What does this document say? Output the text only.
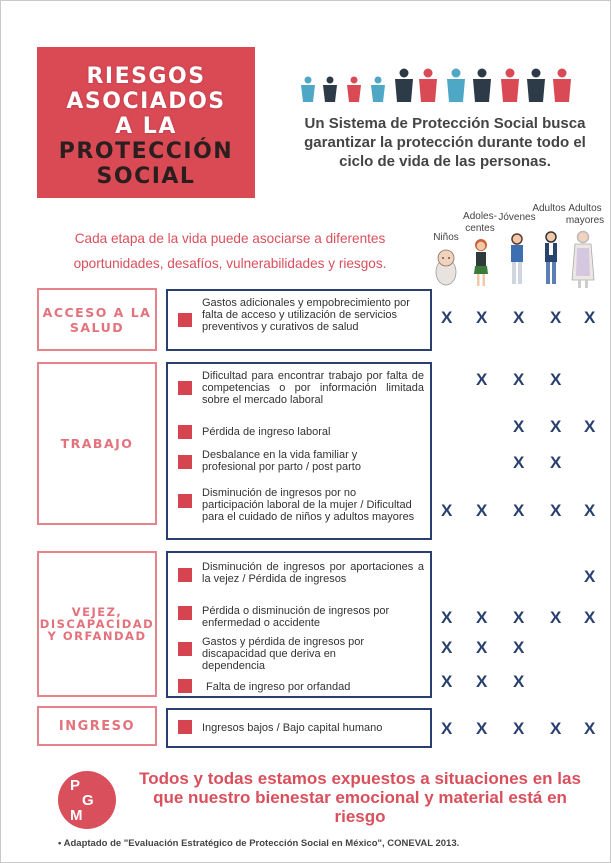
RIESGOS
ASOCIADOS
A LA
PROTECCIÓN
SOCIAL
Un Sistema de Protección Social busca garantizar la protección durante todo el ciclo de vida de las personas.
Cada etapa de la vida puede asociarse a diferentes oportunidades, desafíos, vulnerabilidades y riesgos.
Niños
Adoles-
centes
Jóvenes
Adultos Adultos
mayores
ACCESO A LA SALUD
Gastos adicionales y empobrecimiento por falta de acceso y utilización de servicios preventivos y curativos de salud
TRABAJO
Dificultad para encontrar trabajo por falta de competencias o por información limitada sobre el mercado laboral
Pérdida de ingreso laboral
Desbalance en la vida familiar y profesional por parto / post parto
Disminución de ingresos por no participación laboral de la mujer / Dificultad para el cuidado de niños y adultos mayores
VEJEZ, DISCAPACIDAD Y ORFANDAD
Disminución de ingresos por aportaciones a la vejez / Pérdida de ingresos
Pérdida o disminución de ingresos por enfermedad o accidente
Gastos y pérdida de ingresos por discapacidad que deriva en dependencia
Falta de ingreso por orfandad
INGRESO	Ingresos bajos / Bajo capital humano
X X X X X
X X X
X X X
X X
X X X X X
X
X X X X X
X X X
X X X
X X X X X
P
G
M
Todos y todas estamos expuestos a situaciones en las que nuestro bienestar emocional y material está en riesgo
• Adaptado de "Evaluación Estratégico de Protección Social en México", CONEVAL 2013.
